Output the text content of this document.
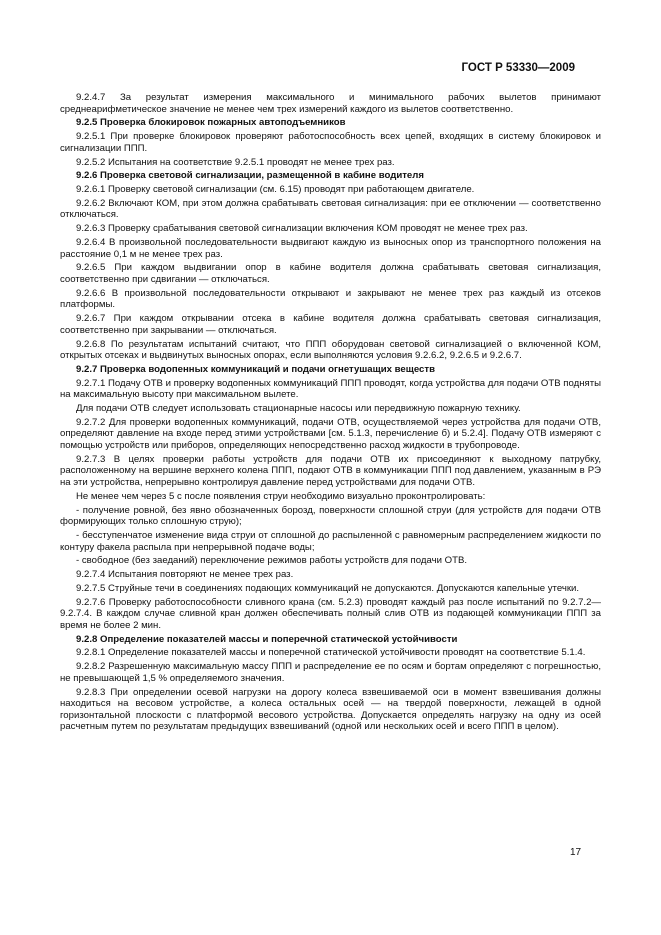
ГОСТ Р 53330—2009

9.2.4.7 За результат измерения максимального и минимального рабочих вылетов принимают среднеарифметическое значение не менее чем трех измерений каждого из вылетов соответственно.

9.2.5 Проверка блокировок пожарных автоподъемников

9.2.5.1 При проверке блокировок проверяют работоспособность всех цепей, входящих в систему блокировок и сигнализации ППП.

9.2.5.2 Испытания на соответствие 9.2.5.1 проводят не менее трех раз.

9.2.6 Проверка световой сигнализации, размещенной в кабине водителя

9.2.6.1 Проверку световой сигнализации (см. 6.15) проводят при работающем двигателе.

9.2.6.2 Включают КОМ, при этом должна срабатывать световая сигнализация: при ее отключении — соответственно отключаться.

9.2.6.3 Проверку срабатывания световой сигнализации включения КОМ проводят не менее трех раз.

9.2.6.4 В произвольной последовательности выдвигают каждую из выносных опор из транспортного положения на расстояние 0,1 м не менее трех раз.

9.2.6.5 При каждом выдвигании опор в кабине водителя должна срабатывать световая сигнализация, соответственно при сдвигании — отключаться.

9.2.6.6 В произвольной последовательности открывают и закрывают не менее трех раз каждый из отсеков платформы.

9.2.6.7 При каждом открывании отсека в кабине водителя должна срабатывать световая сигнализация, соответственно при закрывании — отключаться.

9.2.6.8 По результатам испытаний считают, что ППП оборудован световой сигнализацией о включенной КОМ, открытых отсеках и выдвинутых выносных опорах, если выполняются условия 9.2.6.2, 9.2.6.5 и 9.2.6.7.

9.2.7 Проверка водопенных коммуникаций и подачи огнетушащих веществ

9.2.7.1 Подачу ОТВ и проверку водопенных коммуникаций ППП проводят, когда устройства для подачи ОТВ подняты на максимальную высоту при максимальном вылете.

Для подачи ОТВ следует использовать стационарные насосы или передвижную пожарную технику.

9.2.7.2 Для проверки водопенных коммуникаций, подачи ОТВ, осуществляемой через устройства для подачи ОТВ, определяют давление на входе перед этими устройствами [см. 5.1.3, перечисление б) и 5.2.4]. Подачу ОТВ измеряют с помощью устройств или приборов, определяющих непосредственно расход жидкости в трубопроводе.

9.2.7.3 В целях проверки работы устройств для подачи ОТВ их присоединяют к выходному патрубку, расположенному на вершине верхнего колена ППП, подают ОТВ в коммуникации ППП под давлением, указанным в РЭ на эти устройства, непрерывно контролируя давление перед устройствами для подачи ОТВ.

Не менее чем через 5 с после появления струи необходимо визуально проконтролировать:

- получение ровной, без явно обозначенных борозд, поверхности сплошной струи (для устройств для подачи ОТВ формирующих только сплошную струю);

- бесступенчатое изменение вида струи от сплошной до распыленной с равномерным распределением жидкости по контуру факела распыла при непрерывной подаче воды;

- свободное (без заеданий) переключение режимов работы устройств для подачи ОТВ.

9.2.7.4 Испытания повторяют не менее трех раз.

9.2.7.5 Струйные течи в соединениях подающих коммуникаций не допускаются. Допускаются капельные утечки.

9.2.7.6 Проверку работоспособности сливного крана (см. 5.2.3) проводят каждый раз после испытаний по 9.2.7.2—9.2.7.4. В каждом случае сливной кран должен обеспечивать полный слив ОТВ из подающей коммуникации ППП за время не более 2 мин.

9.2.8 Определение показателей массы и поперечной статической устойчивости

9.2.8.1 Определение показателей массы и поперечной статической устойчивости проводят на соответствие 5.1.4.

9.2.8.2 Разрешенную максимальную массу ППП и распределение ее по осям и бортам определяют с погрешностью, не превышающей 1,5 % определяемого значения.

9.2.8.3 При определении осевой нагрузки на дорогу колеса взвешиваемой оси в момент взвешивания должны находиться на весовом устройстве, а колеса остальных осей — на твердой поверхности, лежащей в одной горизонтальной плоскости с платформой весового устройства. Допускается определять нагрузку на одну из осей расчетным путем по результатам предыдущих взвешиваний (одной или нескольких осей и всего ППП в целом).

17
